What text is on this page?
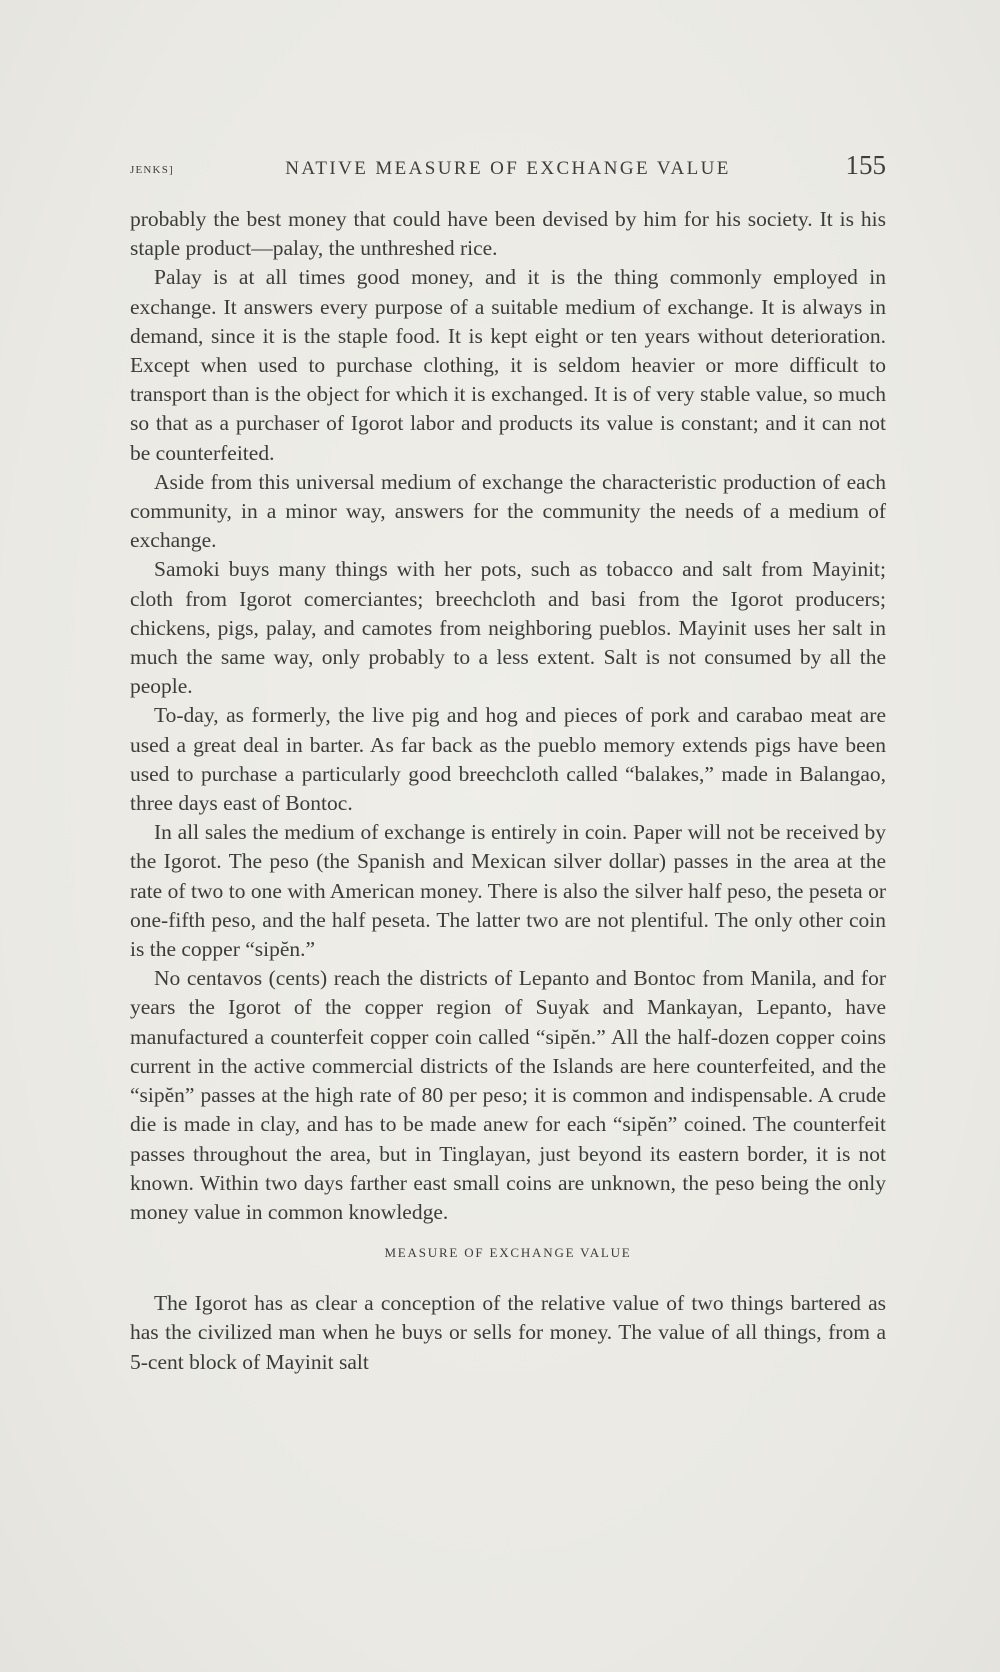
JENKS]	NATIVE MEASURE OF EXCHANGE VALUE	155

probably the best money that could have been devised by him for his society. It is his staple product—palay, the unthreshed rice.

Palay is at all times good money, and it is the thing commonly employed in exchange. It answers every purpose of a suitable medium of exchange. It is always in demand, since it is the staple food. It is kept eight or ten years without deterioration. Except when used to purchase clothing, it is seldom heavier or more difficult to transport than is the object for which it is exchanged. It is of very stable value, so much so that as a purchaser of Igorot labor and products its value is constant; and it can not be counterfeited.

Aside from this universal medium of exchange the characteristic production of each community, in a minor way, answers for the community the needs of a medium of exchange.

Samoki buys many things with her pots, such as tobacco and salt from Mayinit; cloth from Igorot comerciantes; breechcloth and basi from the Igorot producers; chickens, pigs, palay, and camotes from neighboring pueblos. Mayinit uses her salt in much the same way, only probably to a less extent. Salt is not consumed by all the people.

To-day, as formerly, the live pig and hog and pieces of pork and carabao meat are used a great deal in barter. As far back as the pueblo memory extends pigs have been used to purchase a particularly good breechcloth called “balakes,” made in Balangao, three days east of Bontoc.

In all sales the medium of exchange is entirely in coin. Paper will not be received by the Igorot. The peso (the Spanish and Mexican silver dollar) passes in the area at the rate of two to one with American money. There is also the silver half peso, the peseta or one-fifth peso, and the half peseta. The latter two are not plentiful. The only other coin is the copper “sipĕn.”

No centavos (cents) reach the districts of Lepanto and Bontoc from Manila, and for years the Igorot of the copper region of Suyak and Mankayan, Lepanto, have manufactured a counterfeit copper coin called “sipĕn.” All the half-dozen copper coins current in the active commercial districts of the Islands are here counterfeited, and the “sipĕn” passes at the high rate of 80 per peso; it is common and indispensable. A crude die is made in clay, and has to be made anew for each “sipĕn” coined. The counterfeit passes throughout the area, but in Tinglayan, just beyond its eastern border, it is not known. Within two days farther east small coins are unknown, the peso being the only money value in common knowledge.

MEASURE OF EXCHANGE VALUE

The Igorot has as clear a conception of the relative value of two things bartered as has the civilized man when he buys or sells for money. The value of all things, from a 5-cent block of Mayinit salt
